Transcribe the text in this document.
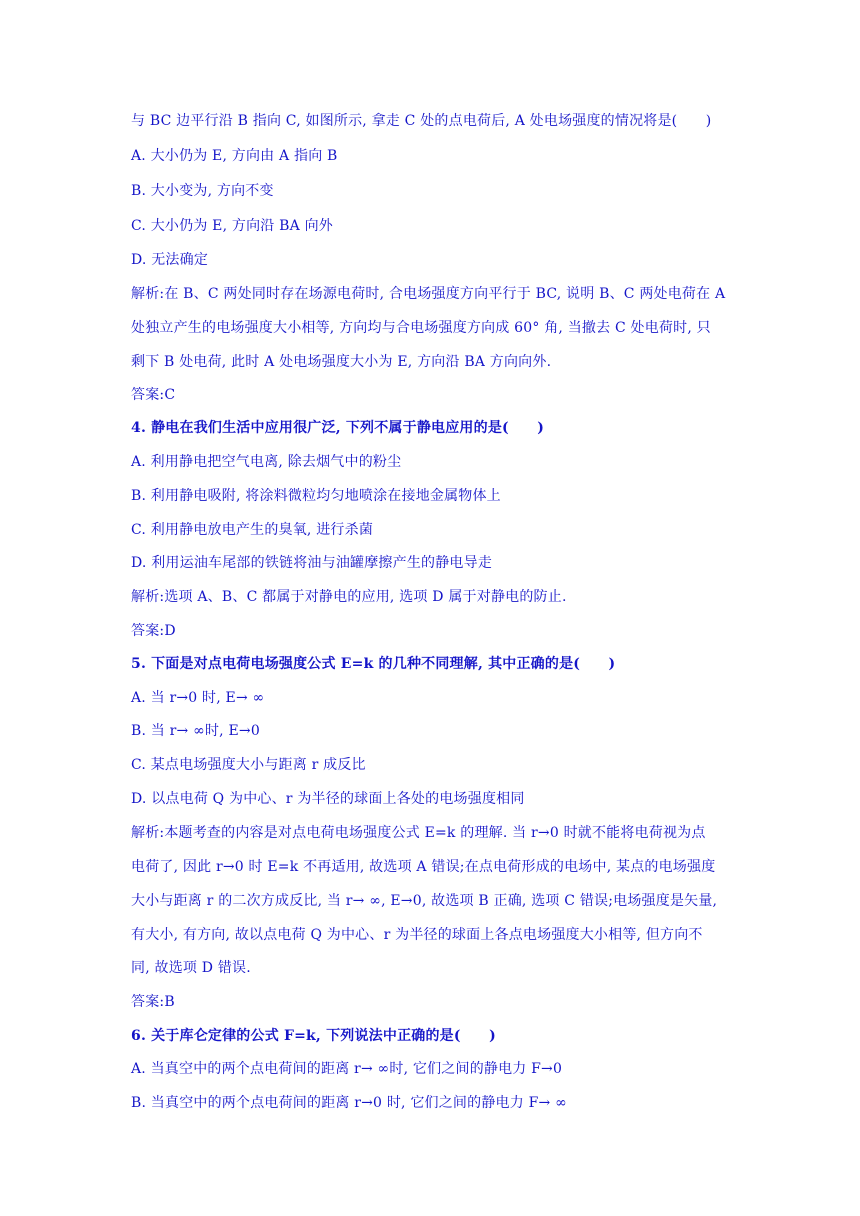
与 BC 边平行沿 B 指向 C, 如图所示, 拿走 C 处的点电荷后, A 处电场强度的情况将是(　　)
A. 大小仍为 E, 方向由 A 指向 B
B. 大小变为, 方向不变
C. 大小仍为 E, 方向沿 BA 向外
D. 无法确定
解析:在 B、C 两处同时存在场源电荷时, 合电场强度方向平行于 BC, 说明 B、C 两处电荷在 A
处独立产生的电场强度大小相等, 方向均与合电场强度方向成 60° 角, 当撤去 C 处电荷时, 只
剩下 B 处电荷, 此时 A 处电场强度大小为 E, 方向沿 BA 方向向外.
答案:C
4. 静电在我们生活中应用很广泛, 下列不属于静电应用的是(　　)
A. 利用静电把空气电离, 除去烟气中的粉尘
B. 利用静电吸附, 将涂料微粒均匀地喷涂在接地金属物体上
C. 利用静电放电产生的臭氧, 进行杀菌
D. 利用运油车尾部的铁链将油与油罐摩擦产生的静电导走
解析:选项 A、B、C 都属于对静电的应用, 选项 D 属于对静电的防止.
答案:D
5. 下面是对点电荷电场强度公式 E=k 的几种不同理解, 其中正确的是(　　)
A. 当 r→0 时, E→ ∞
B. 当 r→ ∞时, E→0
C. 某点电场强度大小与距离 r 成反比
D. 以点电荷 Q 为中心、r 为半径的球面上各处的电场强度相同
解析:本题考查的内容是对点电荷电场强度公式 E=k 的理解. 当 r→0 时就不能将电荷视为点
电荷了, 因此 r→0 时 E=k 不再适用, 故选项 A 错误;在点电荷形成的电场中, 某点的电场强度
大小与距离 r 的二次方成反比, 当 r→ ∞, E→0, 故选项 B 正确, 选项 C 错误;电场强度是矢量,
有大小, 有方向, 故以点电荷 Q 为中心、r 为半径的球面上各点电场强度大小相等, 但方向不
同, 故选项 D 错误.
答案:B
6. 关于库仑定律的公式 F=k, 下列说法中正确的是(　　)
A. 当真空中的两个点电荷间的距离 r→ ∞时, 它们之间的静电力 F→0
B. 当真空中的两个点电荷间的距离 r→0 时, 它们之间的静电力 F→ ∞
